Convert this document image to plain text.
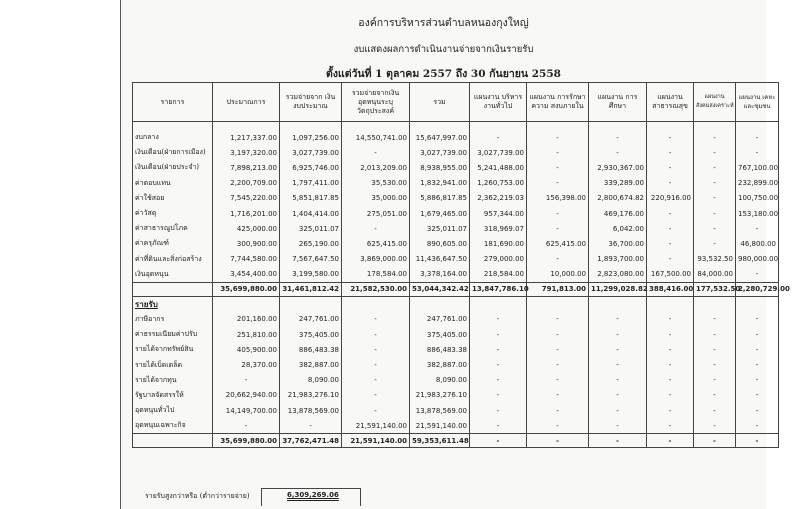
องค์การบริหารส่วนตำบลหนองกุงใหญ่
งบแสดงผลการดำเนินงานจ่ายจากเงินรายรับ
ตั้งแต่วันที่ 1 ตุลาคม 2557 ถึง 30 กันยายน 2558
รายการ	ประมาณการ	รวมจ่ายจาก เงินงบประมาณ	รวมจ่ายจากเงิน อุดหนุนระบุ วัตถุประสงค์	รวม	แผนงาน บริหารงานทั่วไป	แผนงาน การรักษาความ สงบภายใน	แผนงาน การศึกษา	แผนงาน สาธารณสุข	แผนงาน สังคมสงเคราะห์	แผนงาน เคหะและชุมชน

งบกลาง	1,217,337.00	1,097,256.00	14,550,741.00	15,647,997.00	-	-	-	-	-	-
เงินเดือน(ฝ่ายการเมือง)	3,197,320.00	3,027,739.00	-	3,027,739.00	3,027,739.00	-	-	-	-	-
เงินเดือน(ฝ่ายประจำ)	7,898,213.00	6,925,746.00	2,013,209.00	8,938,955.00	5,241,488.00	-	2,930,367.00	-	-	767,100.00
ค่าตอบแทน	2,200,709.00	1,797,411.00	35,530.00	1,832,941.00	1,260,753.00	-	339,289.00	-	-	232,899.00
ค่าใช้สอย	7,545,220.00	5,851,817.85	35,000.00	5,886,817.85	2,362,219.03	156,398.00	2,800,674.82	220,916.00	-	100,750.00
ค่าวัสดุ	1,716,201.00	1,404,414.00	275,051.00	1,679,465.00	957,344.00	-	469,176.00	-	-	153,180.00
ค่าสาธารณูปโภค	425,000.00	325,011.07	-	325,011.07	318,969.07	-	6,042.00	-	-	-
ค่าครุภัณฑ์	300,900.00	265,190.00	625,415.00	890,605.00	181,690.00	625,415.00	36,700.00	-	-	46,800.00
ค่าที่ดินและสิ่งก่อสร้าง	7,744,580.00	7,567,647.50	3,869,000.00	11,436,647.50	279,000.00	-	1,893,700.00	-	93,532.50	980,000.00
เงินอุดหนุน	3,454,400.00	3,199,580.00	178,584.00	3,378,164.00	218,584.00	10,000.00	2,823,080.00	167,500.00	84,000.00	-
	35,699,880.00	31,461,812.42	21,582,530.00	53,044,342.42	13,847,786.10	791,813.00	11,299,028.82	388,416.00	177,532.50	2,280,729.00
รายรับ										
ภาษีอากร	201,160.00	247,761.00	-	247,761.00	-	-	-	-	-	-
ค่าธรรมเนียมค่าปรับ	251,810.00	375,405.00	-	375,405.00	-	-	-	-	-	-
รายได้จากทรัพย์สิน	405,900.00	886,483.38	-	886,483.38	-	-	-	-	-	-
รายได้เบ็ดเตล็ด	28,370.00	382,887.00	-	382,887.00	-	-	-	-	-	-
รายได้จากทุน	-	8,090.00	-	8,090.00	-	-	-	-	-	-
รัฐบาลจัดสรรให้	20,662,940.00	21,983,276.10	-	21,983,276.10	-	-	-	-	-	-
อุดหนุนทั่วไป	14,149,700.00	13,878,569.00	-	13,878,569.00	-	-	-	-	-	-
อุดหนุนเฉพาะกิจ	-	-	21,591,140.00	21,591,140.00	-	-	-	-	-	-
	35,699,880.00	37,762,471.48	21,591,140.00	59,353,611.48	-	-	-	-	-	-
รายรับสูงกว่าหรือ (ต่ำกว่ารายจ่าย)	6,309,269.06
